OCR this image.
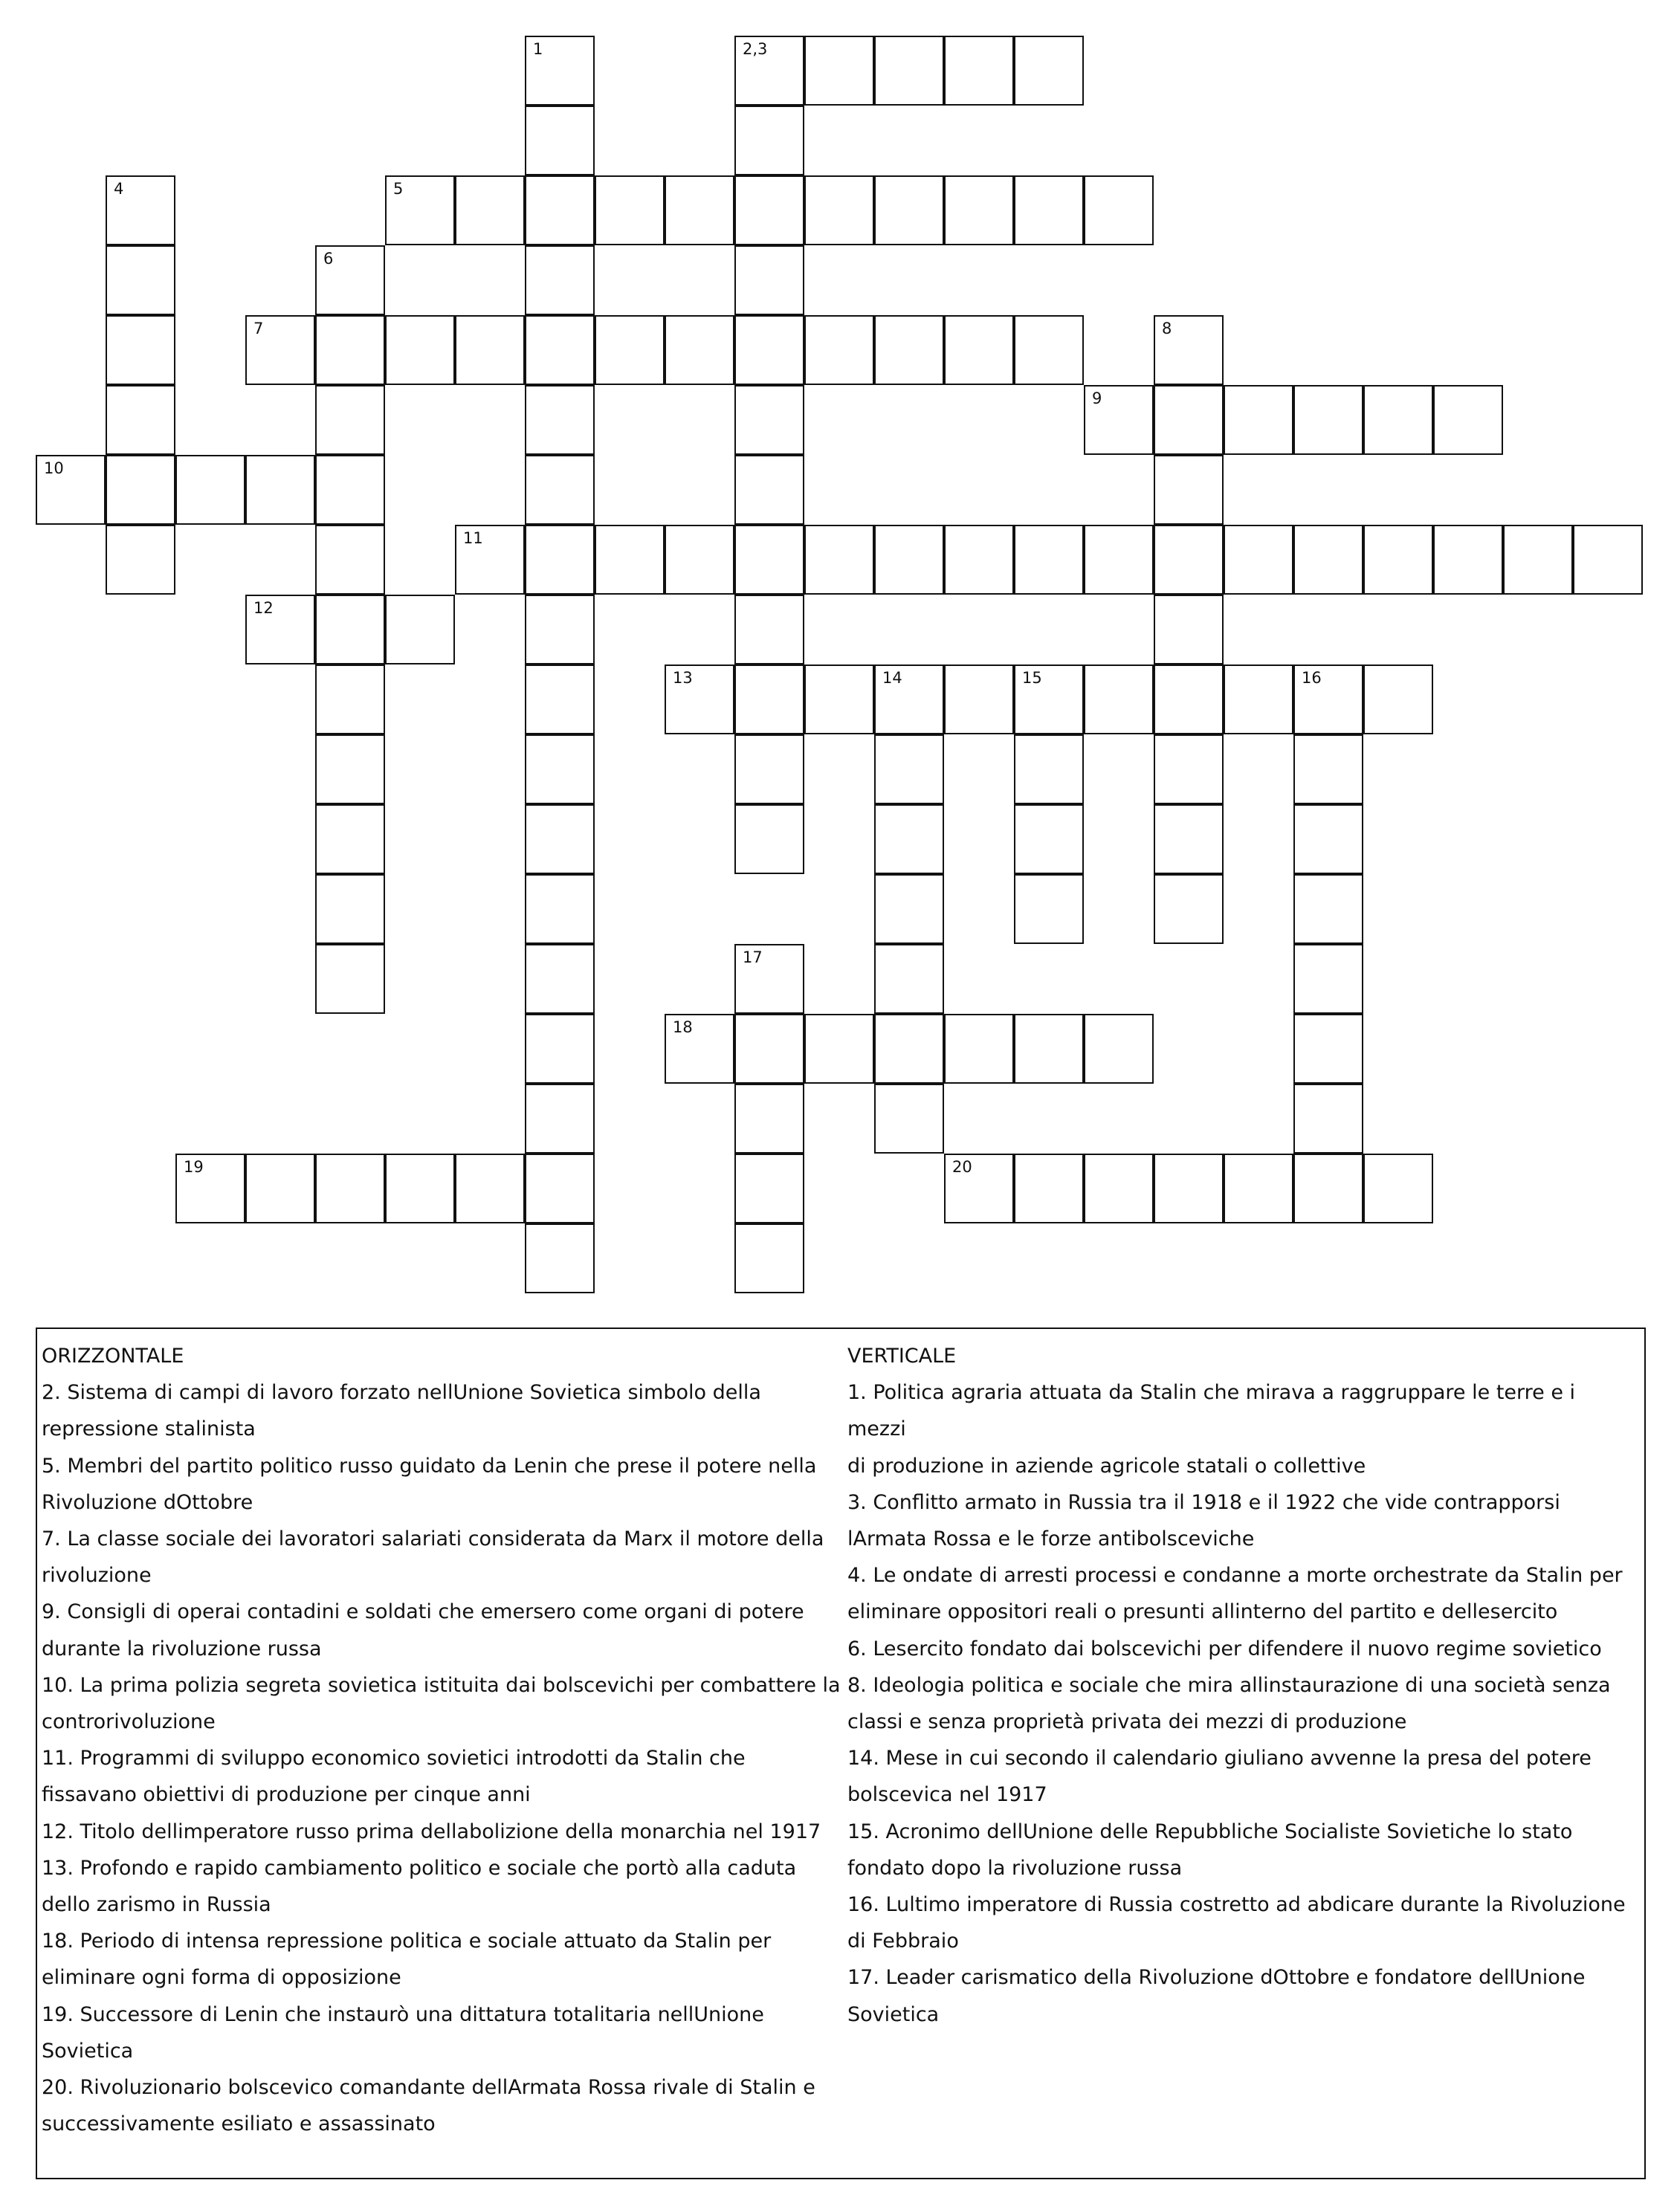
1	2,3
4	5
6
7	8
9
10
11
12
13	14	15	16
17
18
19	20
ORIZZONTALE
2. Sistema di campi di lavoro forzato nellUnione Sovietica simbolo della
repressione stalinista
5. Membri del partito politico russo guidato da Lenin che prese il potere nella
Rivoluzione dOttobre
7. La classe sociale dei lavoratori salariati considerata da Marx il motore della
rivoluzione
9. Consigli di operai contadini e soldati che emersero come organi di potere
durante la rivoluzione russa
10. La prima polizia segreta sovietica istituita dai bolscevichi per combattere la
controrivoluzione
11. Programmi di sviluppo economico sovietici introdotti da Stalin che
fissavano obiettivi di produzione per cinque anni
12. Titolo dellimperatore russo prima dellabolizione della monarchia nel 1917
13. Profondo e rapido cambiamento politico e sociale che portò alla caduta
dello zarismo in Russia
18. Periodo di intensa repressione politica e sociale attuato da Stalin per
eliminare ogni forma di opposizione
19. Successore di Lenin che instaurò una dittatura totalitaria nellUnione
Sovietica
20. Rivoluzionario bolscevico comandante dellArmata Rossa rivale di Stalin e
successivamente esiliato e assassinato
VERTICALE
1. Politica agraria attuata da Stalin che mirava a raggruppare le terre e i mezzi
di produzione in aziende agricole statali o collettive
3. Conflitto armato in Russia tra il 1918 e il 1922 che vide contrapporsi
lArmata Rossa e le forze antibolsceviche
4. Le ondate di arresti processi e condanne a morte orchestrate da Stalin per
eliminare oppositori reali o presunti allinterno del partito e dellesercito
6. Lesercito fondato dai bolscevichi per difendere il nuovo regime sovietico
8. Ideologia politica e sociale che mira allinstaurazione di una società senza
classi e senza proprietà privata dei mezzi di produzione
14. Mese in cui secondo il calendario giuliano avvenne la presa del potere
bolscevica nel 1917
15. Acronimo dellUnione delle Repubbliche Socialiste Sovietiche lo stato
fondato dopo la rivoluzione russa
16. Lultimo imperatore di Russia costretto ad abdicare durante la Rivoluzione
di Febbraio
17. Leader carismatico della Rivoluzione dOttobre e fondatore dellUnione
Sovietica
